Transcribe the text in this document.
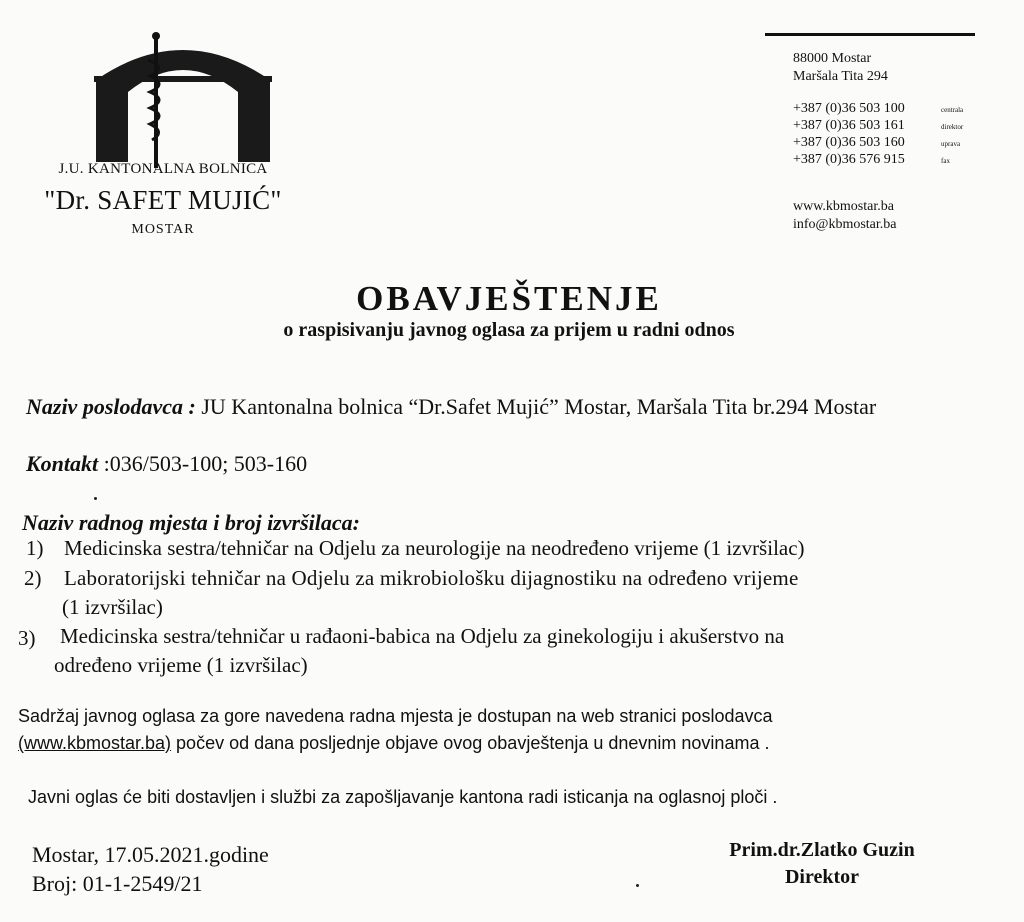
J.U. KANTONALNA BOLNICA
"Dr. SAFET MUJIĆ"
MOSTAR
88000 Mostar
Maršala Tita 294
+387 (0)36 503 100	centrala
+387 (0)36 503 161	direktor
+387 (0)36 503 160	uprava
+387 (0)36 576 915	fax
www.kbmostar.ba
info@kbmostar.ba
OBAVJEŠTENJE
o raspisivanju javnog oglasa za prijem u radni odnos
Naziv poslodavca : JU Kantonalna bolnica “Dr.Safet Mujić” Mostar, Maršala Tita br.294 Mostar
Kontakt :036/503-100; 503-160
Naziv radnog mjesta i broj izvršilaca:
1) Medicinska sestra/tehničar na Odjelu za neurologije na neodređeno vrijeme (1 izvršilac)
2) Laboratorijski tehničar na Odjelu za mikrobiološku dijagnostiku na određeno vrijeme
(1 izvršilac)
3) Medicinska sestra/tehničar u rađaoni-babica na Odjelu za ginekologiju i akušerstvo na
određeno vrijeme (1 izvršilac)
Sadržaj javnog oglasa za gore navedena radna mjesta je dostupan na web stranici poslodavca
(www.kbmostar.ba) počev od dana posljednje objave ovog obavještenja u dnevnim novinama .
Javni oglas će biti dostavljen i službi za zapošljavanje kantona radi isticanja na oglasnoj ploči .
Mostar, 17.05.2021.godine
Broj: 01-1-2549/21
Prim.dr.Zlatko Guzin
Direktor
